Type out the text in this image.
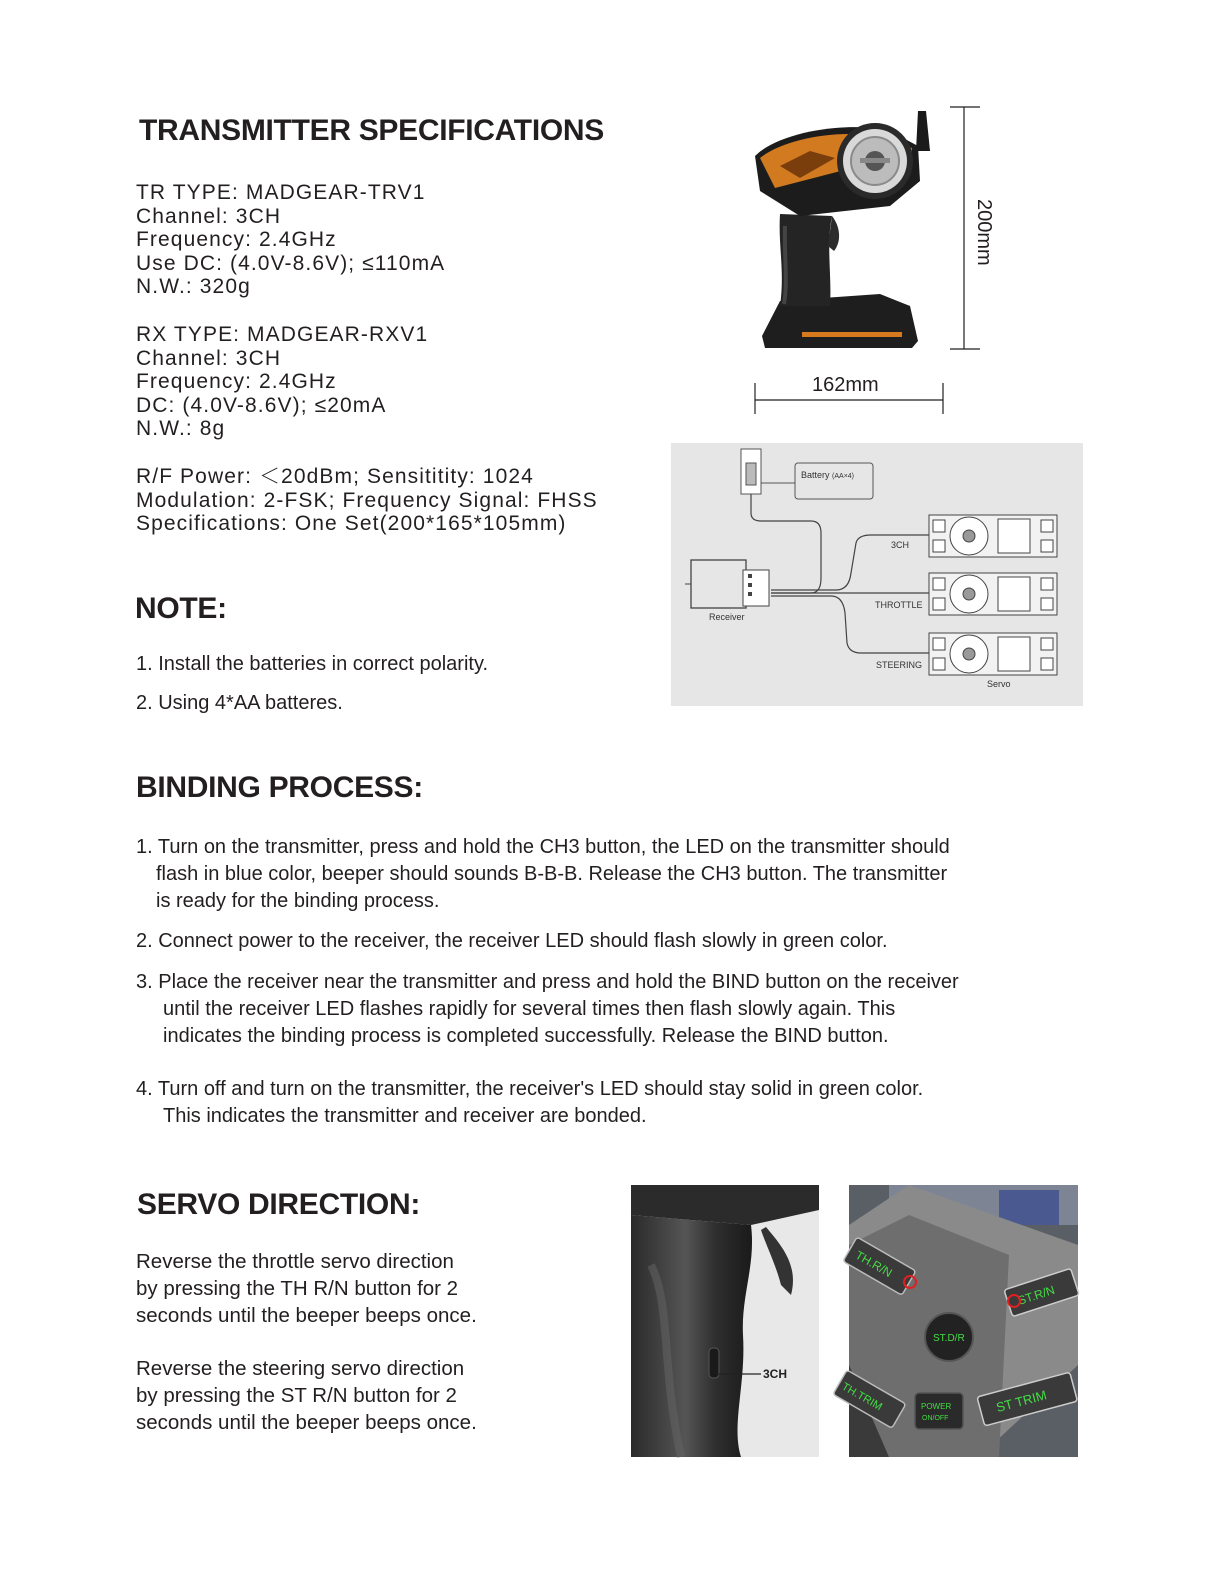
TRANSMITTER SPECIFICATIONS
TR TYPE: MADGEAR-TRV1
Channel: 3CH
Frequency: 2.4GHz
Use DC: (4.0V-8.6V); ≤110mA
N.W.: 320g
RX TYPE: MADGEAR-RXV1
Channel: 3CH
Frequency: 2.4GHz
DC: (4.0V-8.6V); ≤20mA
N.W.: 8g
R/F Power: ＜20dBm; Sensititity: 1024
Modulation: 2-FSK; Frequency Signal: FHSS
Specifications: One Set(200*165*105mm)
200mm
162mm
Battery (AA×4)
Receiver
3CH
THROTTLE
STEERING
Servo
NOTE:
1. Install the batteries in correct polarity.
2. Using 4*AA batteres.
BINDING PROCESS:
1. Turn on the transmitter, press and hold the CH3 button, the LED on the transmitter should
flash in blue color, beeper should sounds B-B-B. Release the CH3 button. The transmitter
is ready for the binding process.
2. Connect power to the receiver, the receiver LED should flash slowly in green color.
3. Place the receiver near the transmitter and press and hold the BIND button on the receiver
until the receiver LED flashes rapidly for several times then flash slowly again. This
indicates the binding process is completed successfully. Release the BIND button.
4. Turn off and turn on the transmitter, the receiver's LED should stay solid in green color.
This indicates the transmitter and receiver are bonded.
SERVO DIRECTION:
Reverse the throttle servo direction
by pressing the TH R/N button for 2
seconds until the beeper beeps once.
Reverse the steering servo direction
by pressing the ST R/N button for 2
seconds until the beeper beeps once.
3CH
TH.R/N
ST.R/N
ST.D/R
TH.TRIM	POWER
ON/OFF
ST TRIM
